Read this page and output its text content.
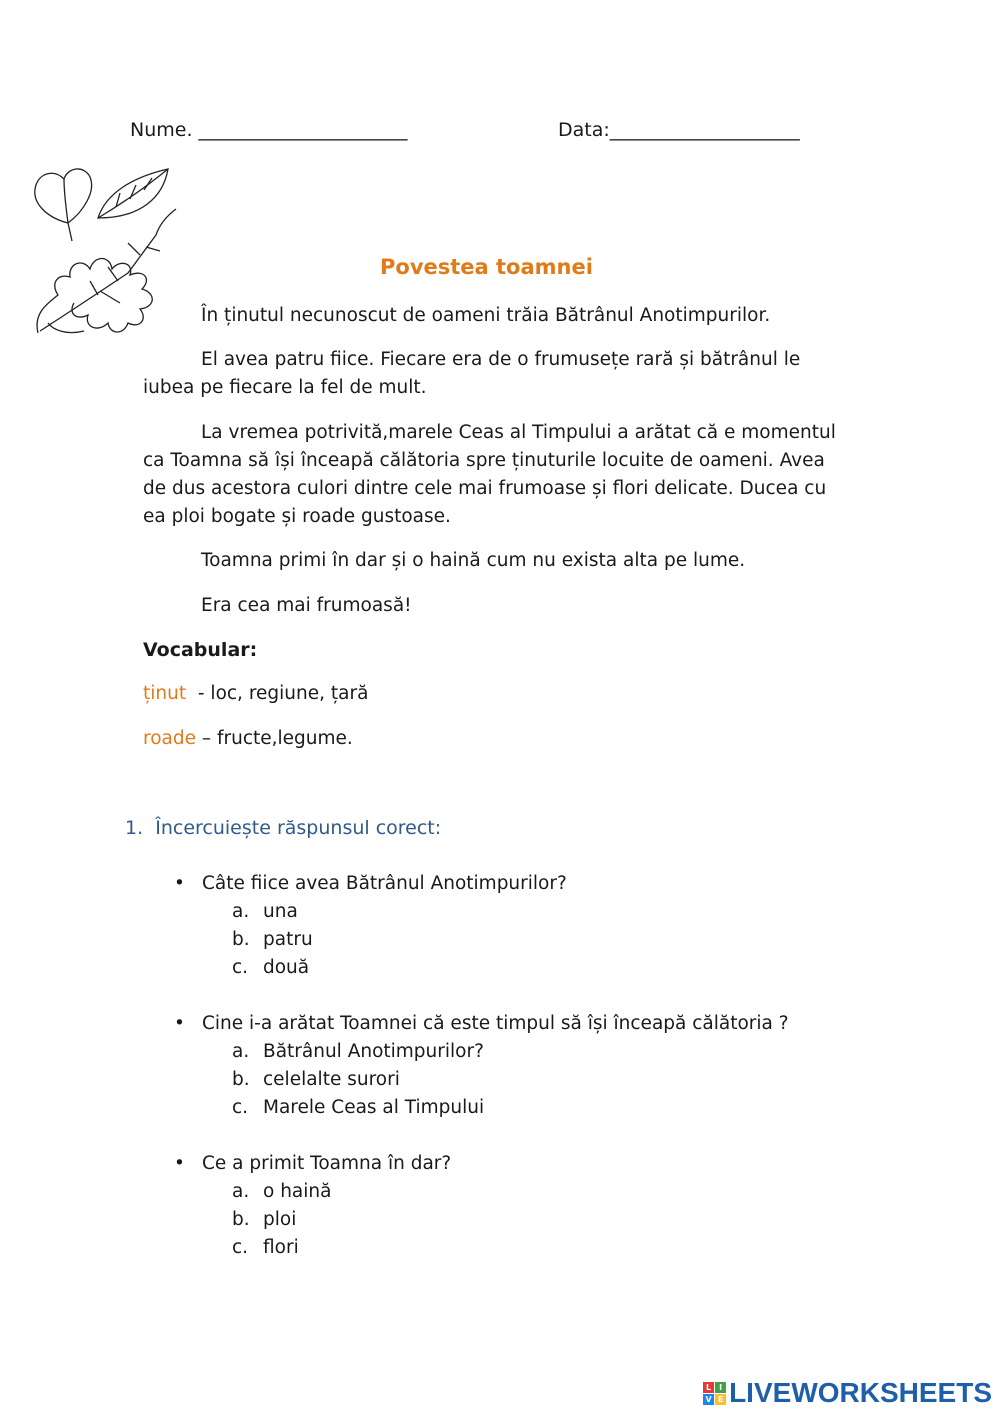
Nume. ______________________	Data:____________________
Povestea toamnei
În ținutul necunoscut de oameni trăia Bătrânul Anotimpurilor.
El avea patru fiice. Fiecare era de o frumusețe rară și bătrânul le iubea pe fiecare la fel de mult.
La vremea potrivită,marele Ceas al Timpului a arătat că e momentul ca Toamna să își înceapă călătoria spre ținuturile locuite de oameni. Avea de dus acestora culori dintre cele mai frumoase și flori delicate. Ducea cu ea ploi bogate și roade gustoase.
Toamna primi în dar și o haină cum nu exista alta pe lume.
Era cea mai frumoasă!
Vocabular:
ținut  - loc, regiune, țară
roade – fructe,legume.
1. Încercuiește răspunsul corect:
• Câte fiice avea Bătrânul Anotimpurilor?
a. una
b. patru
c. două
• Cine i-a arătat Toamnei că este timpul să își înceapă călătoria ?
a. Bătrânul Anotimpurilor?
b. celelalte surori
c. Marele Ceas al Timpului
• Ce a primit Toamna în dar?
a. o haină
b. ploi
c. flori
L I
V E LIVEWORKSHEETS
